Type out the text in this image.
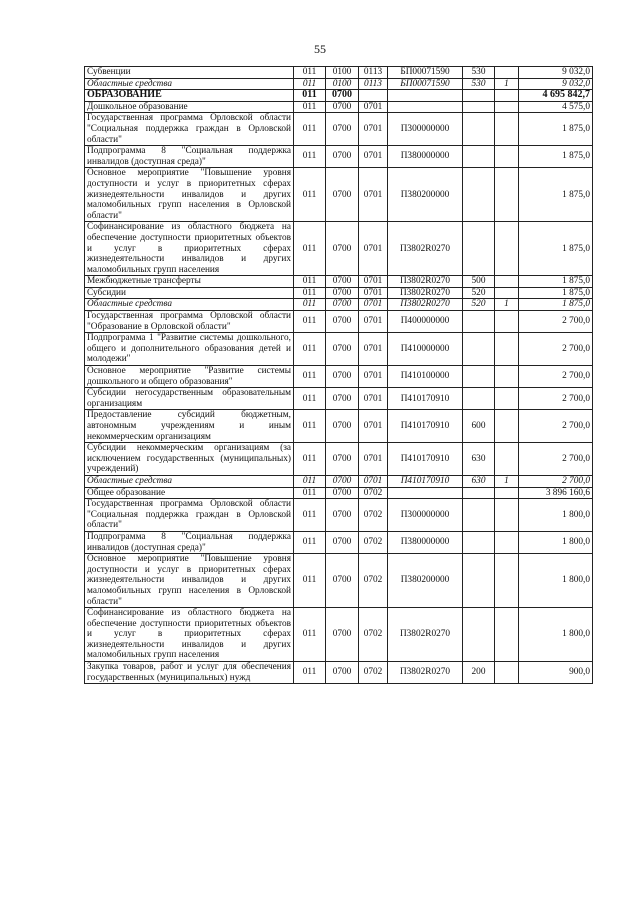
55
Субвенции	011	0100	0113	БП00071590	530		9 032,0
Областные средства	011	0100	0113	БП00071590	530	1	9 032,0
ОБРАЗОВАНИЕ	011	0700					4 695 842,7
Дошкольное образование	011	0700	0701				4 575,0
Государственная программа Орловской области "Социальная поддержка граждан в Орловской области"	011	0700	0701	П300000000			1 875,0
Подпрограмма 8 "Социальная поддержка инвалидов (доступная среда)"	011	0700	0701	П380000000			1 875,0
Основное мероприятие "Повышение уровня доступности и услуг в приоритетных сферах жизнедеятельности инвалидов и других маломобильных групп населения в Орловской области"	011	0700	0701	П380200000			1 875,0
Софинансирование из областного бюджета на обеспечение доступности приоритетных объектов и услуг в приоритетных сферах жизнедеятельности инвалидов и других маломобильных групп населения	011	0700	0701	П3802R0270			1 875,0
Межбюджетные трансферты	011	0700	0701	П3802R0270	500		1 875,0
Субсидии	011	0700	0701	П3802R0270	520		1 875,0
Областные средства	011	0700	0701	П3802R0270	520	1	1 875,0
Государственная программа Орловской области "Образование в Орловской области"	011	0700	0701	П400000000			2 700,0
Подпрограмма 1 "Развитие системы дошкольного, общего и дополнительного образования детей и молодежи"	011	0700	0701	П410000000			2 700,0
Основное мероприятие "Развитие системы дошкольного и общего образования"	011	0700	0701	П410100000			2 700,0
Субсидии негосударственным образовательным организациям	011	0700	0701	П410170910			2 700,0
Предоставление субсидий бюджетным, автономным учреждениям и иным некоммерческим организациям	011	0700	0701	П410170910	600		2 700,0
Субсидии некоммерческим организациям (за исключением государственных (муниципальных) учреждений)	011	0700	0701	П410170910	630		2 700,0
Областные средства	011	0700	0701	П410170910	630	1	2 700,0
Общее образование	011	0700	0702				3 896 160,6
Государственная программа Орловской области "Социальная поддержка граждан в Орловской области"	011	0700	0702	П300000000			1 800,0
Подпрограмма 8 "Социальная поддержка инвалидов (доступная среда)"	011	0700	0702	П380000000			1 800,0
Основное мероприятие "Повышение уровня доступности и услуг в приоритетных сферах жизнедеятельности инвалидов и других маломобильных групп населения в Орловской области"	011	0700	0702	П380200000			1 800,0
Софинансирование из областного бюджета на обеспечение доступности приоритетных объектов и услуг в приоритетных сферах жизнедеятельности инвалидов и других маломобильных групп населения	011	0700	0702	П3802R0270			1 800,0
Закупка товаров, работ и услуг для обеспечения государственных (муниципальных) нужд	011	0700	0702	П3802R0270	200		900,0
